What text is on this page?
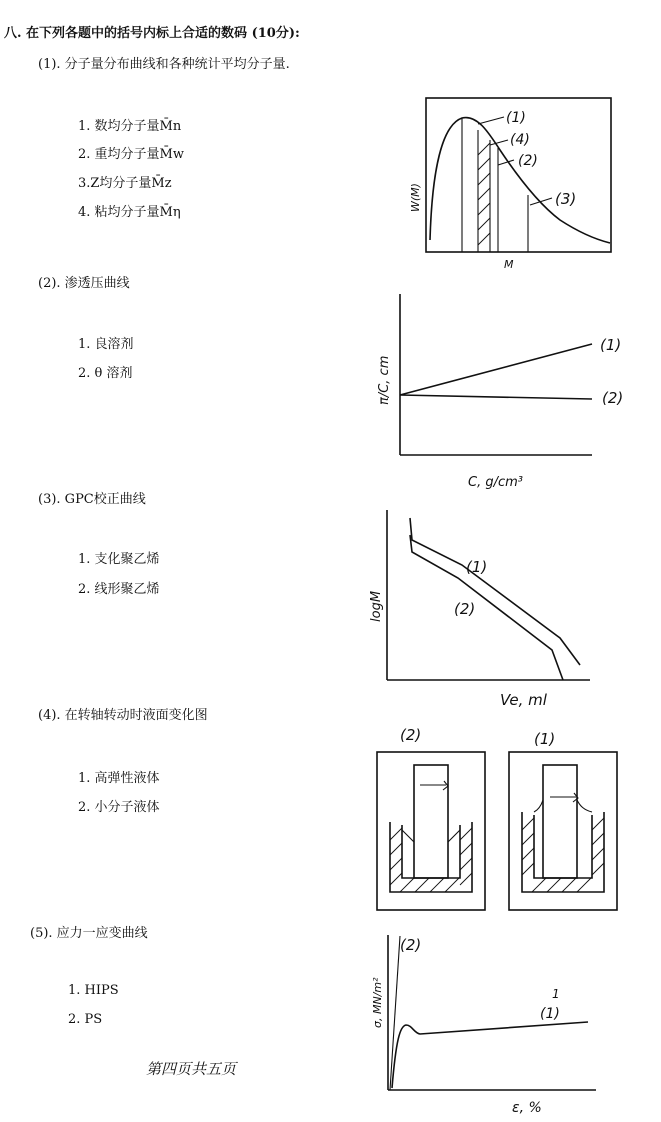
八. 在下列各题中的括号内标上合适的数码 (10分):
(1). 分子量分布曲线和各种统计平均分子量.
1. 数均分子量M̄n
2. 重均分子量M̄w
3.Z均分子量M̄z
4. 粘均分子量M̄η
W(M)
M
(1)
(4)
(2)
(3)
(2). 渗透压曲线
1. 良溶剂
2. θ 溶剂	π/C, cm
C, g/cm³
(1)
(2)
(3). GPC校正曲线
1. 支化聚乙烯
2. 线形聚乙烯
logM
Ve, ml
(1)
(2)
(4). 在转轴转动时液面变化图
1. 高弹性液体
2. 小分子液体
(2)	(1)
(5). 应力一应变曲线
1. HIPS
2. PS	σ, MN/m²
ε, %
(2)
1
(1)
第四页共五页
